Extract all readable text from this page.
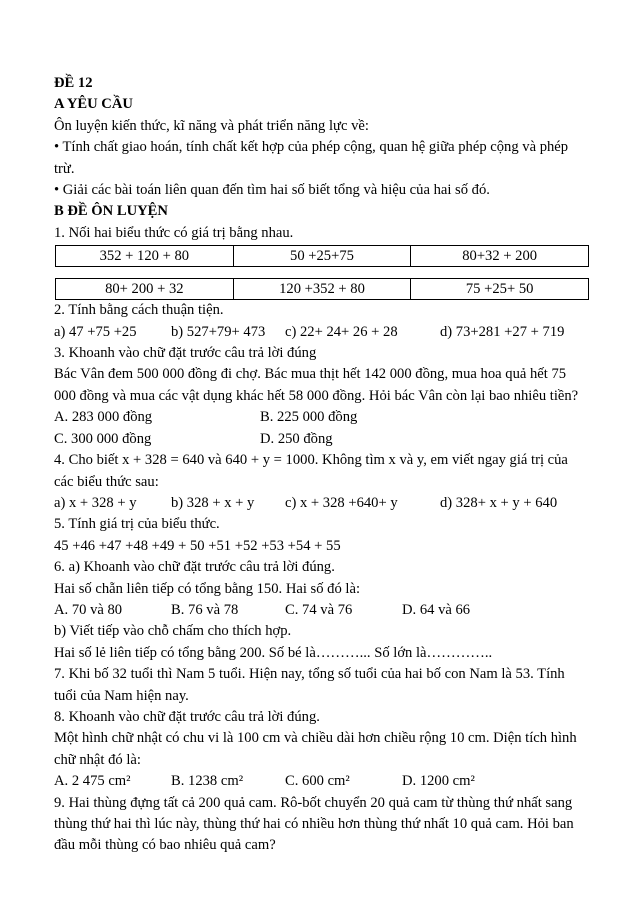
ĐỀ 12
A YÊU CẦU
Ôn luyện kiến thức, kĩ năng và phát triển năng lực về:
• Tính chất giao hoán, tính chất kết hợp của phép cộng, quan hệ giữa phép cộng và phép
trừ.
• Giải các bài toán liên quan đến tìm hai số biết tổng và hiệu của hai số đó.
B ĐỀ ÔN LUYỆN
1. Nối hai biểu thức có giá trị bằng nhau.
352 + 120 + 80	50 +25+75	80+32 + 200
80+ 200 + 32	120 +352 + 80	75 +25+ 50
2. Tính bằng cách thuận tiện.
a) 47 +75 +25	b) 527+79+ 473	c) 22+ 24+ 26 + 28	d) 73+281 +27 + 719
3. Khoanh vào chữ đặt trước câu trả lời đúng
Bác Vân đem 500 000 đồng đi chợ. Bác mua thịt hết 142 000 đồng, mua hoa quả hết 75
000 đồng và mua các vật dụng khác hết 58 000 đồng. Hỏi bác Vân còn lại bao nhiêu tiền?
A. 283 000 đồng	B. 225 000 đồng
C. 300 000 đồng	D. 250 đồng
4. Cho biết x + 328 = 640 và 640 + y = 1000. Không tìm x và y, em viết ngay giá trị của
các biểu thức sau:
a) x + 328 + y	b) 328 + x + y	c) x + 328 +640+ y	d) 328+ x + y + 640
5. Tính giá trị của biểu thức.
45 +46 +47 +48 +49 + 50 +51 +52 +53 +54 + 55
6. a) Khoanh vào chữ đặt trước câu trả lời đúng.
Hai số chẵn liên tiếp có tổng bằng 150. Hai số đó là:
A. 70 và 80	B. 76 và 78	C. 74 và 76	D. 64 và 66
b) Viết tiếp vào chỗ chấm cho thích hợp.
Hai số lẻ liên tiếp có tổng bằng 200. Số bé là………... Số lớn là…………..
7. Khi bố 32 tuổi thì Nam 5 tuổi. Hiện nay, tổng số tuổi của hai bố con Nam là 53. Tính
tuổi của Nam hiện nay.
8. Khoanh vào chữ đặt trước câu trả lời đúng.
Một hình chữ nhật có chu vi là 100 cm và chiều dài hơn chiều rộng 10 cm. Diện tích hình
chữ nhật đó là:
A. 2 475 cm²	B. 1238 cm²	C. 600 cm²	D. 1200 cm²
9. Hai thùng đựng tất cả 200 quả cam. Rô-bốt chuyển 20 quả cam từ thùng thứ nhất sang
thùng thứ hai thì lúc này, thùng thứ hai có nhiều hơn thùng thứ nhất 10 quả cam. Hỏi ban
đầu mỗi thùng có bao nhiêu quả cam?
